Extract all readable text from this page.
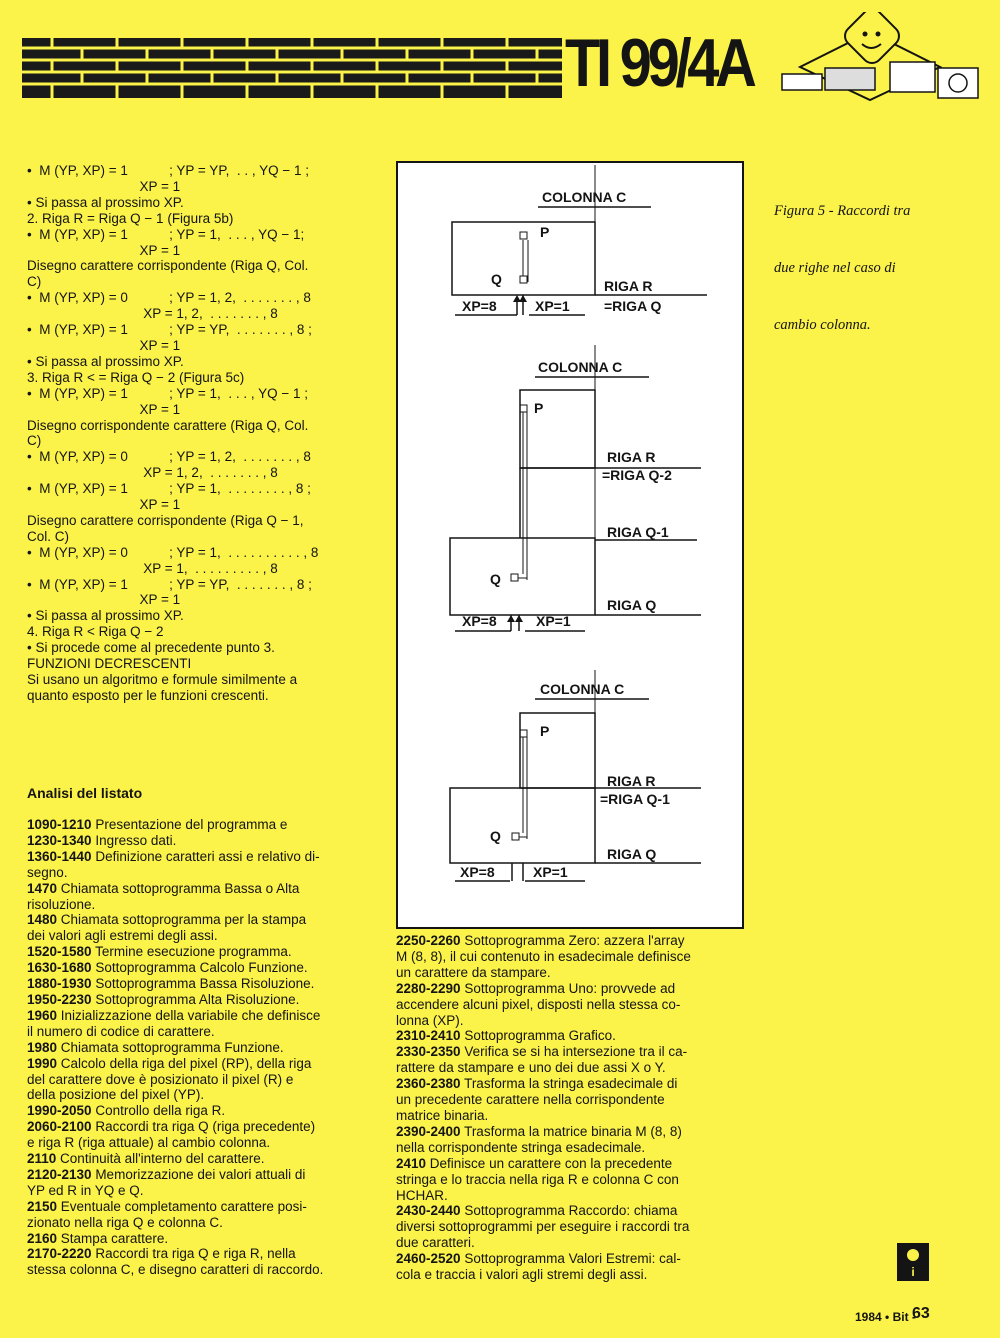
TI 99/4A
•  M (YP, XP) = 1           ; YP = YP,  . . , YQ − 1 ;
XP = 1
• Si passa al prossimo XP.
2. Riga R = Riga Q − 1 (Figura 5b)
•  M (YP, XP) = 1           ; YP = 1,  . . . , YQ − 1;
XP = 1
Disegno carattere corrispondente (Riga Q, Col.
C)
•  M (YP, XP) = 0           ; YP = 1, 2,  . . . . . . . , 8
XP = 1, 2,  . . . . . . . , 8
•  M (YP, XP) = 1           ; YP = YP,  . . . . . . . , 8 ;
XP = 1
• Si passa al prossimo XP.
3. Riga R < = Riga Q − 2 (Figura 5c)
•  M (YP, XP) = 1           ; YP = 1,  . . . , YQ − 1 ;
XP = 1
Disegno corrispondente carattere (Riga Q, Col.
C)
•  M (YP, XP) = 0           ; YP = 1, 2,  . . . . . . . , 8
XP = 1, 2,  . . . . . . . , 8
•  M (YP, XP) = 1           ; YP = 1,  . . . . . . . . , 8 ;
XP = 1
Disegno carattere corrispondente (Riga Q − 1,
Col. C)
•  M (YP, XP) = 0           ; YP = 1,  . . . . . . . . . . , 8
XP = 1,  . . . . . . . . . , 8
•  M (YP, XP) = 1           ; YP = YP,  . . . . . . . , 8 ;
XP = 1
• Si passa al prossimo XP.
4. Riga R < Riga Q − 2
• Si procede come al precedente punto 3.
FUNZIONI DECRESCENTI
Si usano un algoritmo e formule similmente a
quanto esposto per le funzioni crescenti.
Analisi del listato
1090-1210 Presentazione del programma e
1230-1340 Ingresso dati.
1360-1440 Definizione caratteri assi e relativo di-
segno.
1470 Chiamata sottoprogramma Bassa o Alta
risoluzione.
1480 Chiamata sottoprogramma per la stampa
dei valori agli estremi degli assi.
1520-1580 Termine esecuzione programma.
1630-1680 Sottoprogramma Calcolo Funzione.
1880-1930 Sottoprogramma Bassa Risoluzione.
1950-2230 Sottoprogramma Alta Risoluzione.
1960 Inizializzazione della variabile che definisce
il numero di codice di carattere.
1980 Chiamata sottoprogramma Funzione.
1990 Calcolo della riga del pixel (RP), della riga
del carattere dove è posizionato il pixel (R) e
della posizione del pixel (YP).
1990-2050 Controllo della riga R.
2060-2100 Raccordi tra riga Q (riga precedente)
e riga R (riga attuale) al cambio colonna.
2110 Continuità all'interno del carattere.
2120-2130 Memorizzazione dei valori attuali di
YP ed R in YQ e Q.
2150 Eventuale completamento carattere posi-
zionato nella riga Q e colonna C.
2160 Stampa carattere.
2170-2220 Raccordi tra riga Q e riga R, nella
stessa colonna C, e disegno caratteri di raccordo.
2250-2260 Sottoprogramma Zero: azzera l'array
M (8, 8), il cui contenuto in esadecimale definisce
un carattere da stampare.
2280-2290 Sottoprogramma Uno: provvede ad
accendere alcuni pixel, disposti nella stessa co-
lonna (XP).
2310-2410 Sottoprogramma Grafico.
2330-2350 Verifica se si ha intersezione tra il ca-
rattere da stampare e uno dei due assi X o Y.
2360-2380 Trasforma la stringa esadecimale di
un precedente carattere nella corrispondente
matrice binaria.
2390-2400 Trasforma la matrice binaria M (8, 8)
nella corrispondente stringa esadecimale.
2410 Definisce un carattere con la precedente
stringa e lo traccia nella riga R e colonna C con
HCHAR.
2430-2440 Sottoprogramma Raccordo: chiama
diversi sottoprogrammi per eseguire i raccordi tra
due caratteri.
2460-2520 Sottoprogramma Valori Estremi: cal-
cola e traccia i valori agli stremi degli assi.

Figura 5 - Raccordi tra

due righe nel caso di

cambio colonna.

COLONNA C
P
Q	RIGA R
=RIGA Q
XP=8	XP=1
COLONNA C
P
Q
RIGA R
=RIGA Q-2
RIGA Q-1
RIGA Q
XP=8	XP=1
COLONNA C
P
Q
RIGA R
=RIGA Q-1
RIGA Q
XP=8	XP=1
i
1984 • Bit -
63
